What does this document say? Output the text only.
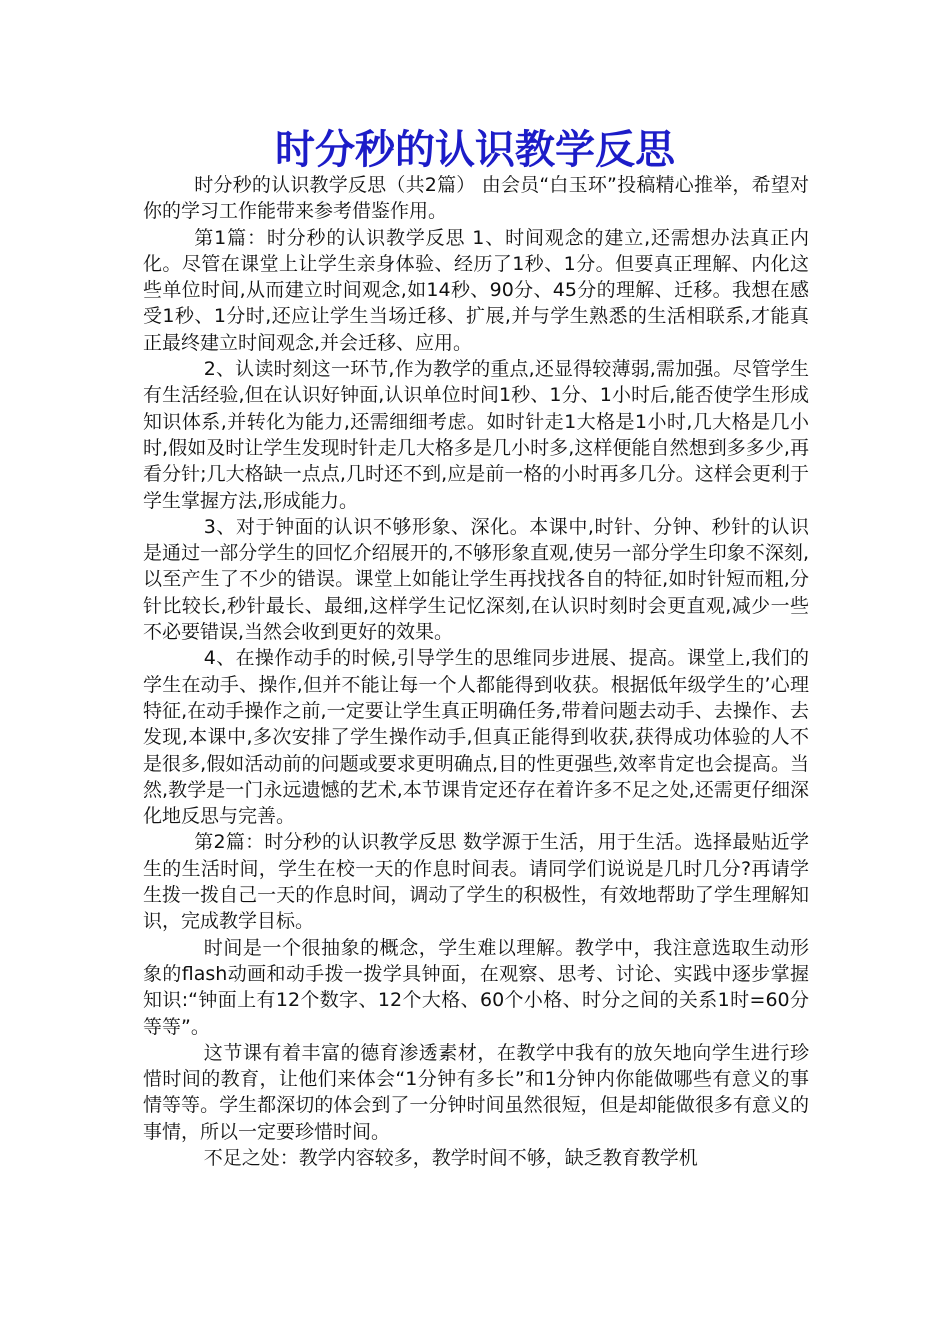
时分秒的认识教学反思

时分秒的认识教学反思（共2篇） 由会员“白玉环”投稿精心推举，希望对你的学习工作能带来参考借鉴作用。

第1篇：时分秒的认识教学反思 1、时间观念的建立,还需想办法真正内化。尽管在课堂上让学生亲身体验、经历了1秒、1分。但要真正理解、内化这些单位时间,从而建立时间观念,如14秒、90分、45分的理解、迁移。我想在感受1秒、1分时,还应让学生当场迁移、扩展,并与学生熟悉的生活相联系,才能真正最终建立时间观念,并会迁移、应用。

2、认读时刻这一环节,作为教学的重点,还显得较薄弱,需加强。尽管学生有生活经验,但在认识好钟面,认识单位时间1秒、1分、1小时后,能否使学生形成知识体系,并转化为能力,还需细细考虑。如时针走1大格是1小时,几大格是几小时,假如及时让学生发现时针走几大格多是几小时多,这样便能自然想到多多少,再看分针;几大格缺一点点,几时还不到,应是前一格的小时再多几分。这样会更利于学生掌握方法,形成能力。

3、对于钟面的认识不够形象、深化。本课中,时针、分钟、秒针的认识是通过一部分学生的回忆介绍展开的,不够形象直观,使另一部分学生印象不深刻,以至产生了不少的错误。课堂上如能让学生再找找各自的特征,如时针短而粗,分针比较长,秒针最长、最细,这样学生记忆深刻,在认识时刻时会更直观,减少一些不必要错误,当然会收到更好的效果。

4、在操作动手的时候,引导学生的思维同步进展、提高。课堂上,我们的学生在动手、操作,但并不能让每一个人都能得到收获。根据低年级学生的’心理特征,在动手操作之前,一定要让学生真正明确任务,带着问题去动手、去操作、去发现,本课中,多次安排了学生操作动手,但真正能得到收获,获得成功体验的人不是很多,假如活动前的问题或要求更明确点,目的性更强些,效率肯定也会提高。当然,教学是一门永远遗憾的艺术,本节课肯定还存在着许多不足之处,还需更仔细深化地反思与完善。

第2篇：时分秒的认识教学反思 数学源于生活，用于生活。选择最贴近学生的生活时间，学生在校一天的作息时间表。请同学们说说是几时几分?再请学生拨一拨自己一天的作息时间，调动了学生的积极性，有效地帮助了学生理解知识，完成教学目标。

时间是一个很抽象的概念，学生难以理解。教学中，我注意选取生动形象的flash动画和动手拨一拨学具钟面，在观察、思考、讨论、实践中逐步掌握知识:“钟面上有12个数字、12个大格、60个小格、时分之间的关系1时=60分等等”。

这节课有着丰富的德育渗透素材，在教学中我有的放矢地向学生进行珍惜时间的教育，让他们来体会“1分钟有多长”和1分钟内你能做哪些有意义的事情等等。学生都深切的体会到了一分钟时间虽然很短，但是却能做很多有意义的事情，所以一定要珍惜时间。

不足之处：教学内容较多，教学时间不够，缺乏教育教学机
